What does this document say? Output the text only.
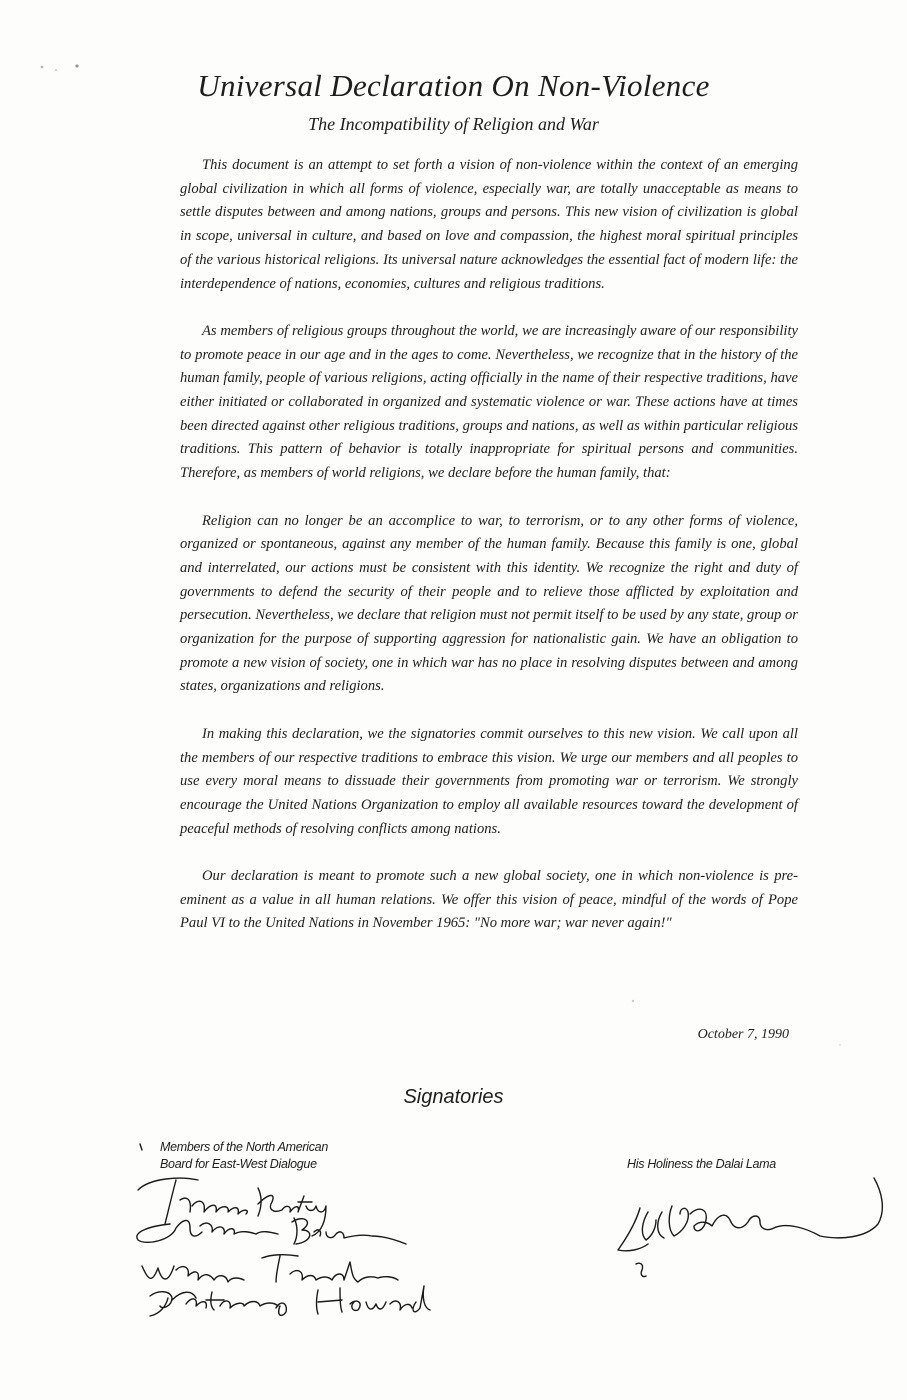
Universal Declaration On Non-Violence
The Incompatibility of Religion and War

This document is an attempt to set forth a vision of non-violence within the context of an emerging global civilization in which all forms of violence, especially war, are totally unacceptable as means to settle disputes between and among nations, groups and persons. This new vision of civilization is global in scope, universal in culture, and based on love and compassion, the highest moral spiritual principles of the various historical religions. Its universal nature acknowledges the essential fact of modern life: the interdependence of nations, economies, cultures and religious traditions.

As members of religious groups throughout the world, we are increasingly aware of our responsibility to promote peace in our age and in the ages to come. Nevertheless, we recognize that in the history of the human family, people of various religions, acting officially in the name of their respective traditions, have either initiated or collaborated in organized and systematic violence or war. These actions have at times been directed against other religious traditions, groups and nations, as well as within particular religious traditions. This pattern of behavior is totally inappropriate for spiritual persons and communities. Therefore, as members of world religions, we declare before the human family, that:

Religion can no longer be an accomplice to war, to terrorism, or to any other forms of violence, organized or spontaneous, against any member of the human family. Because this family is one, global and interrelated, our actions must be consistent with this identity. We recognize the right and duty of governments to defend the security of their people and to relieve those afflicted by exploitation and persecution. Nevertheless, we declare that religion must not permit itself to be used by any state, group or organization for the purpose of supporting aggression for nationalistic gain. We have an obligation to promote a new vision of society, one in which war has no place in resolving disputes between and among states, organizations and religions.

In making this declaration, we the signatories commit ourselves to this new vision. We call upon all the members of our respective traditions to embrace this vision. We urge our members and all peoples to use every moral means to dissuade their governments from promoting war or terrorism. We strongly encourage the United Nations Organization to employ all available resources toward the development of peaceful methods of resolving conflicts among nations.

Our declaration is meant to promote such a new global society, one in which non-violence is pre-eminent as a value in all human relations. We offer this vision of peace, mindful of the words of Pope Paul VI to the United Nations in November 1965: "No more war; war never again!"

October 7, 1990
Signatories
Members of the North American
Board for East-West Dialogue	His Holiness the Dalai Lama
